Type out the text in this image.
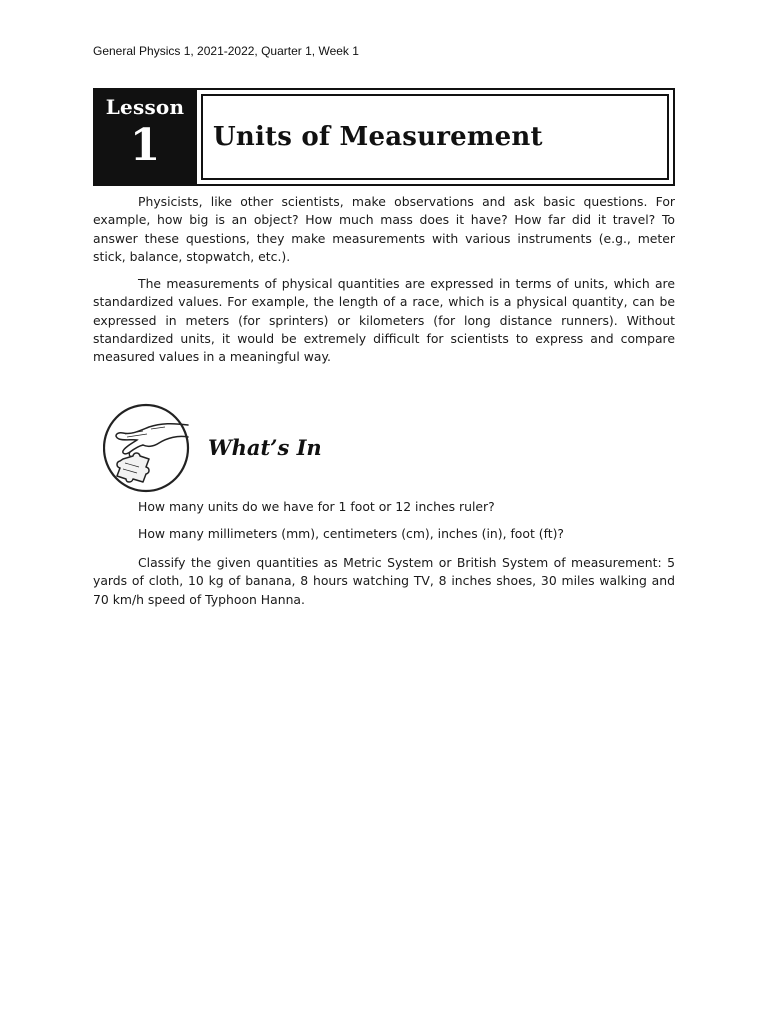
General Physics 1, 2021-2022, Quarter 1, Week 1
Lesson
1 Units of Measurement

Physicists, like other scientists, make observations and ask basic questions. For example, how big is an object? How much mass does it have? How far did it travel? To answer these questions, they make measurements with various instruments (e.g., meter stick, balance, stopwatch, etc.).

The measurements of physical quantities are expressed in terms of units, which are standardized values. For example, the length of a race, which is a physical quantity, can be expressed in meters (for sprinters) or kilometers (for long distance runners). Without standardized units, it would be extremely difficult for scientists to express and compare measured values in a meaningful way.

What’s In

How many units do we have for 1 foot or 12 inches ruler?

How many millimeters (mm), centimeters (cm), inches (in), foot (ft)?

Classify the given quantities as Metric System or British System of measurement: 5 yards of cloth, 10 kg of banana, 8 hours watching TV, 8 inches shoes, 30 miles walking and 70 km/h speed of Typhoon Hanna.
